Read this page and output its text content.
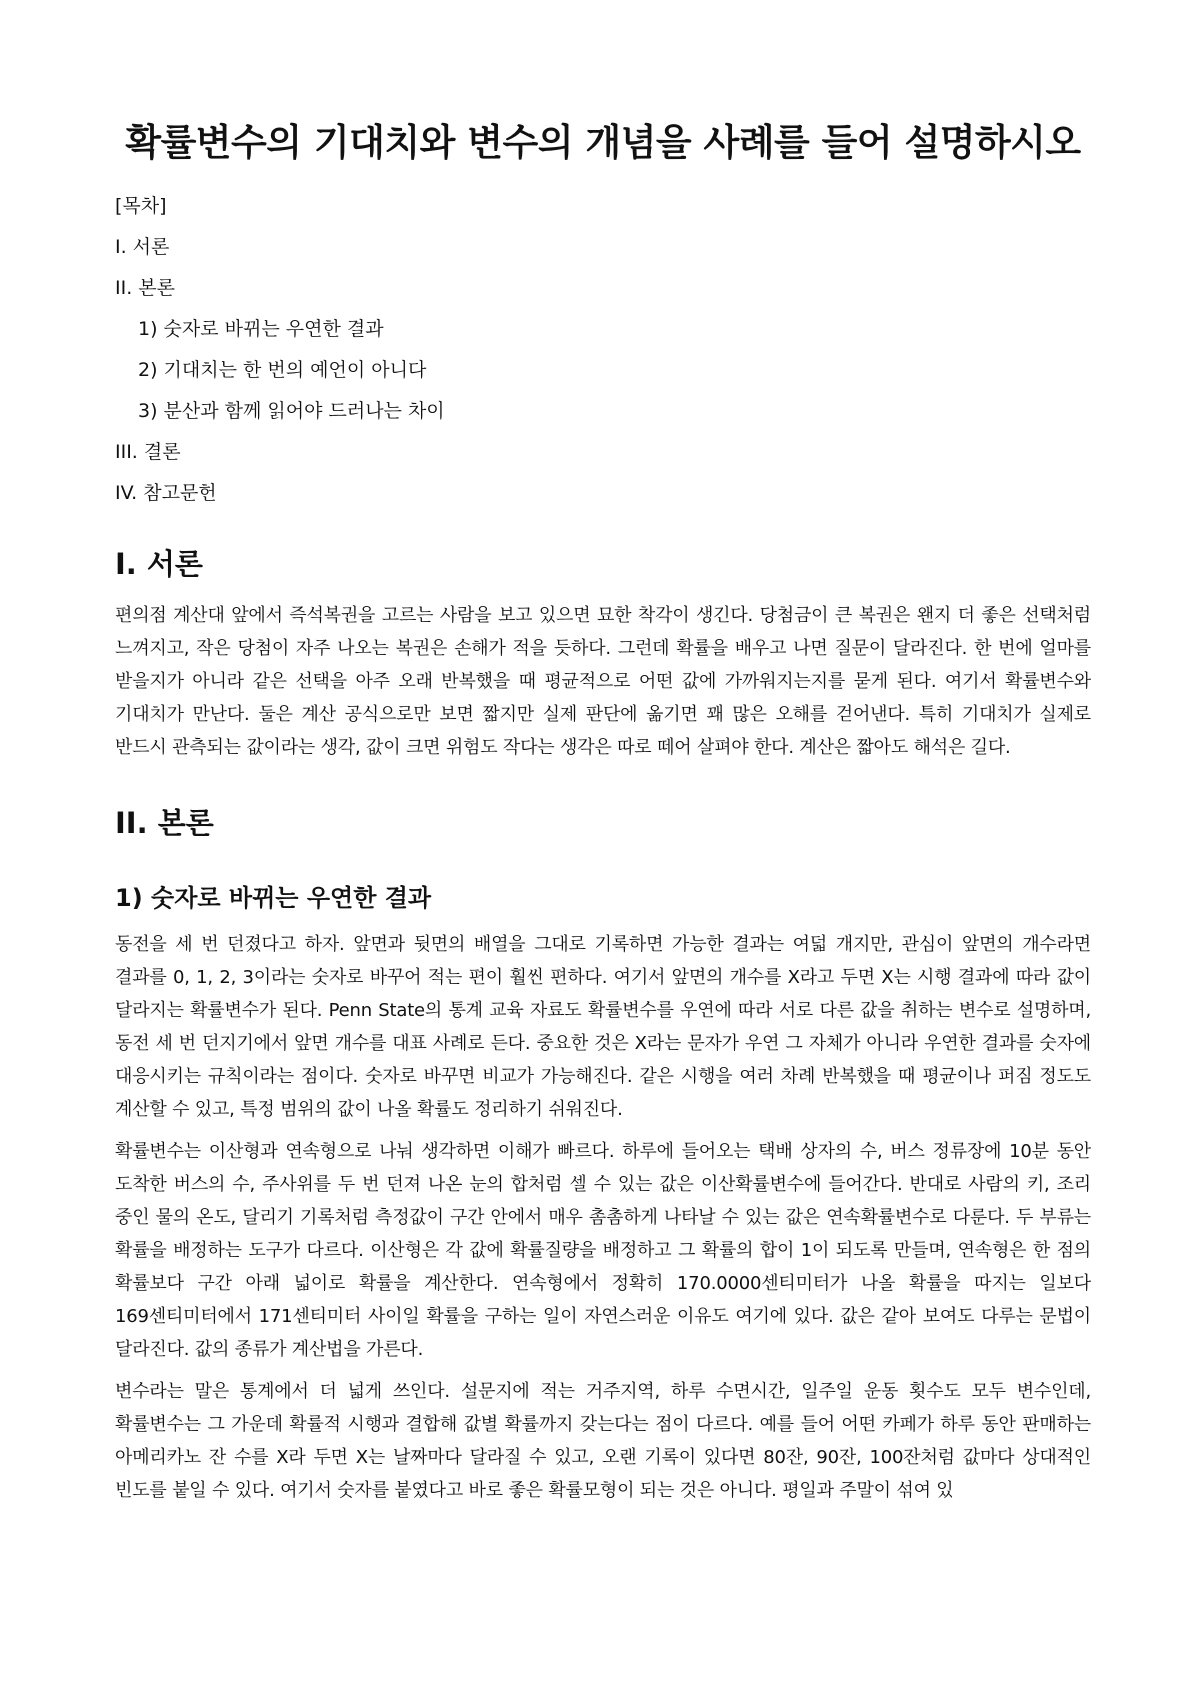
확률변수의 기대치와 변수의 개념을 사례를 들어 설명하시오
[목차]
I. 서론
II. 본론
1) 숫자로 바뀌는 우연한 결과
2) 기대치는 한 번의 예언이 아니다
3) 분산과 함께 읽어야 드러나는 차이
III. 결론
IV. 참고문헌
I. 서론

편의점 계산대 앞에서 즉석복권을 고르는 사람을 보고 있으면 묘한 착각이 생긴다. 당첨금이 큰 복권은 왠지 더 좋은 선택처럼 느껴지고, 작은 당첨이 자주 나오는 복권은 손해가 적을 듯하다. 그런데 확률을 배우고 나면 질문이 달라진다. 한 번에 얼마를 받을지가 아니라 같은 선택을 아주 오래 반복했을 때 평균적으로 어떤 값에 가까워지는지를 묻게 된다. 여기서 확률변수와 기대치가 만난다. 둘은 계산 공식으로만 보면 짧지만 실제 판단에 옮기면 꽤 많은 오해를 걷어낸다. 특히 기대치가 실제로 반드시 관측되는 값이라는 생각, 값이 크면 위험도 작다는 생각은 따로 떼어 살펴야 한다. 계산은 짧아도 해석은 길다.

II. 본론
1) 숫자로 바뀌는 우연한 결과

동전을 세 번 던졌다고 하자. 앞면과 뒷면의 배열을 그대로 기록하면 가능한 결과는 여덟 개지만, 관심이 앞면의 개수라면 결과를 0, 1, 2, 3이라는 숫자로 바꾸어 적는 편이 훨씬 편하다. 여기서 앞면의 개수를 X라고 두면 X는 시행 결과에 따라 값이 달라지는 확률변수가 된다. Penn State의 통계 교육 자료도 확률변수를 우연에 따라 서로 다른 값을 취하는 변수로 설명하며, 동전 세 번 던지기에서 앞면 개수를 대표 사례로 든다. 중요한 것은 X라는 문자가 우연 그 자체가 아니라 우연한 결과를 숫자에 대응시키는 규칙이라는 점이다. 숫자로 바꾸면 비교가 가능해진다. 같은 시행을 여러 차례 반복했을 때 평균이나 퍼짐 정도도 계산할 수 있고, 특정 범위의 값이 나올 확률도 정리하기 쉬워진다.

확률변수는 이산형과 연속형으로 나눠 생각하면 이해가 빠르다. 하루에 들어오는 택배 상자의 수, 버스 정류장에 10분 동안 도착한 버스의 수, 주사위를 두 번 던져 나온 눈의 합처럼 셀 수 있는 값은 이산확률변수에 들어간다. 반대로 사람의 키, 조리 중인 물의 온도, 달리기 기록처럼 측정값이 구간 안에서 매우 촘촘하게 나타날 수 있는 값은 연속확률변수로 다룬다. 두 부류는 확률을 배정하는 도구가 다르다. 이산형은 각 값에 확률질량을 배정하고 그 확률의 합이 1이 되도록 만들며, 연속형은 한 점의 확률보다 구간 아래 넓이로 확률을 계산한다. 연속형에서 정확히 170.0000센티미터가 나올 확률을 따지는 일보다 169센티미터에서 171센티미터 사이일 확률을 구하는 일이 자연스러운 이유도 여기에 있다. 값은 같아 보여도 다루는 문법이 달라진다. 값의 종류가 계산법을 가른다.

변수라는 말은 통계에서 더 넓게 쓰인다. 설문지에 적는 거주지역, 하루 수면시간, 일주일 운동 횟수도 모두 변수인데, 확률변수는 그 가운데 확률적 시행과 결합해 값별 확률까지 갖는다는 점이 다르다. 예를 들어 어떤 카페가 하루 동안 판매하는 아메리카노 잔 수를 X라 두면 X는 날짜마다 달라질 수 있고, 오랜 기록이 있다면 80잔, 90잔, 100잔처럼 값마다 상대적인 빈도를 붙일 수 있다. 여기서 숫자를 붙였다고 바로 좋은 확률모형이 되는 것은 아니다. 평일과 주말이 섞여 있
